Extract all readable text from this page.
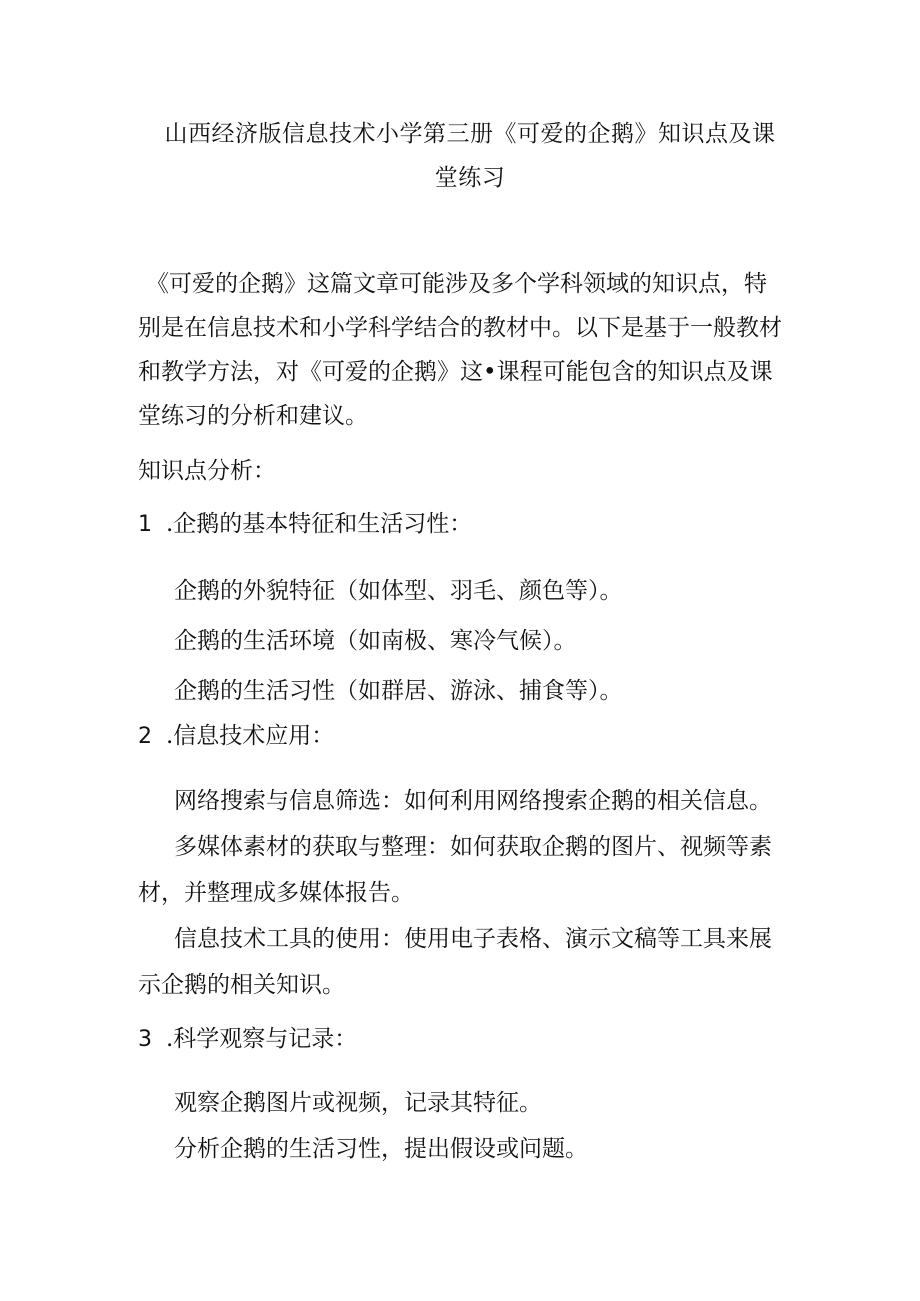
山西经济版信息技术小学第三册《可爱的企鹅》知识点及课
堂练习
《可爱的企鹅》这篇文章可能涉及多个学科领域的知识点，特
别是在信息技术和小学科学结合的教材中。以下是基于一般教材
和教学方法，对《可爱的企鹅》这•课程可能包含的知识点及课
堂练习的分析和建议。
知识点分析：
1 .企鹅的基本特征和生活习性：
企鹅的外貌特征（如体型、羽毛、颜色等）。
企鹅的生活环境（如南极、寒冷气候）。
企鹅的生活习性（如群居、游泳、捕食等）。
2 .信息技术应用：
网络搜索与信息筛选：如何利用网络搜索企鹅的相关信息。
多媒体素材的获取与整理：如何获取企鹅的图片、视频等素
材，并整理成多媒体报告。
信息技术工具的使用：使用电子表格、演示文稿等工具来展
示企鹅的相关知识。
3 .科学观察与记录：
观察企鹅图片或视频，记录其特征。
分析企鹅的生活习性，提出假设或问题。
